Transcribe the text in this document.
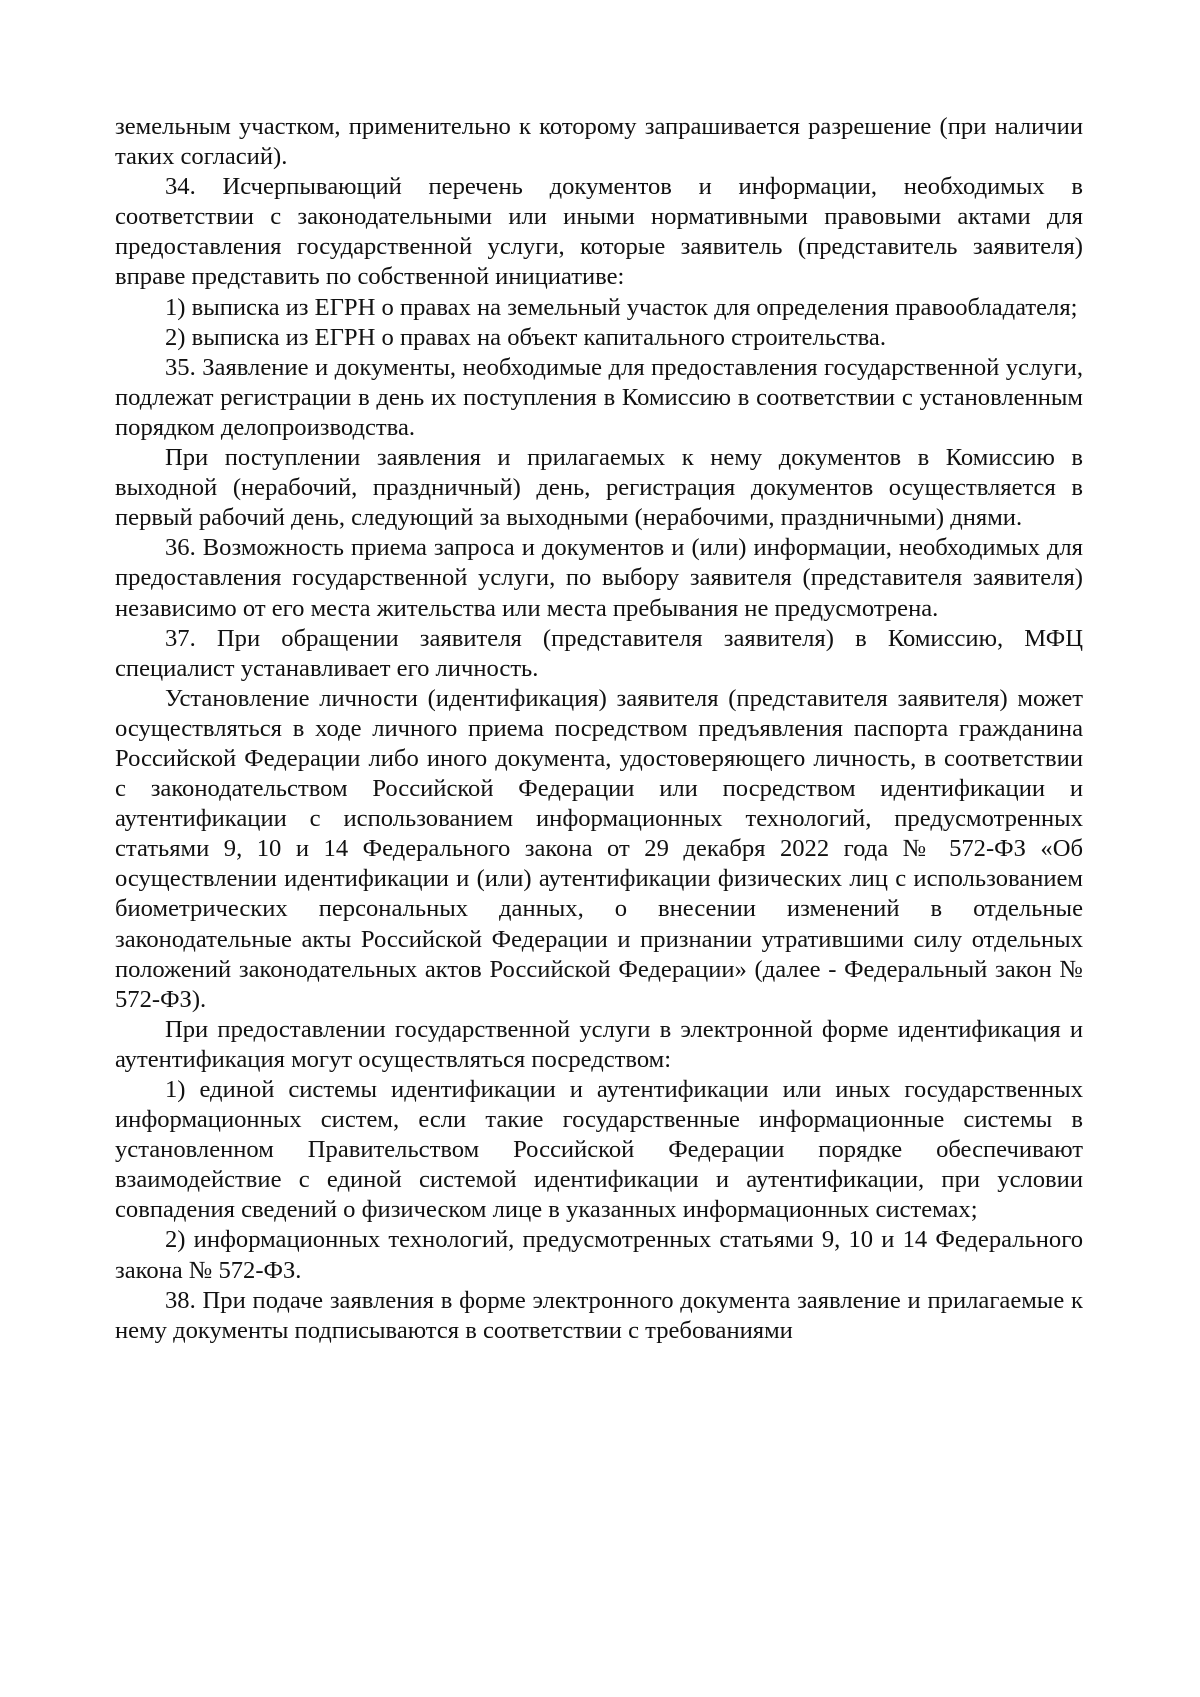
земельным участком, применительно к которому запрашивается разрешение (при наличии таких согласий).

34. Исчерпывающий перечень документов и информации, необходимых в соответствии с законодательными или иными нормативными правовыми актами для предоставления государственной услуги, которые заявитель (представитель заявителя) вправе представить по собственной инициативе:

1) выписка из ЕГРН о правах на земельный участок для определения правообладателя;

2) выписка из ЕГРН о правах на объект капитального строительства.

35. Заявление и документы, необходимые для предоставления государственной услуги, подлежат регистрации в день их поступления в Комиссию в соответствии с установленным порядком делопроизводства.

При поступлении заявления и прилагаемых к нему документов в Комиссию в выходной (нерабочий, праздничный) день, регистрация документов осуществляется в первый рабочий день, следующий за выходными (нерабочими, праздничными) днями.

36. Возможность приема запроса и документов и (или) информации, необходимых для предоставления государственной услуги, по выбору заявителя (представителя заявителя) независимо от его места жительства или места пребывания не предусмотрена.

37. При обращении заявителя (представителя заявителя) в Комиссию, МФЦ специалист устанавливает его личность.

Установление личности (идентификация) заявителя (представителя заявителя) может осуществляться в ходе личного приема посредством предъявления паспорта гражданина Российской Федерации либо иного документа, удостоверяющего личность, в соответствии с законодательством Российской Федерации или посредством идентификации и аутентификации с использованием информационных технологий, предусмотренных статьями 9, 10 и 14 Федерального закона от 29 декабря 2022 года № 572-ФЗ «Об осуществлении идентификации и (или) аутентификации физических лиц с использованием биометрических персональных данных, о внесении изменений в отдельные законодательные акты Российской Федерации и признании утратившими силу отдельных положений законодательных актов Российской Федерации» (далее - Федеральный закон № 572-ФЗ).

При предоставлении государственной услуги в электронной форме идентификация и аутентификация могут осуществляться посредством:

1) единой системы идентификации и аутентификации или иных государственных информационных систем, если такие государственные информационные системы в установленном Правительством Российской Федерации порядке обеспечивают взаимодействие с единой системой идентификации и аутентификации, при условии совпадения сведений о физическом лице в указанных информационных системах;

2) информационных технологий, предусмотренных статьями 9, 10 и 14 Федерального закона № 572-ФЗ.

38. При подаче заявления в форме электронного документа заявление и прилагаемые к нему документы подписываются в соответствии с требованиями
